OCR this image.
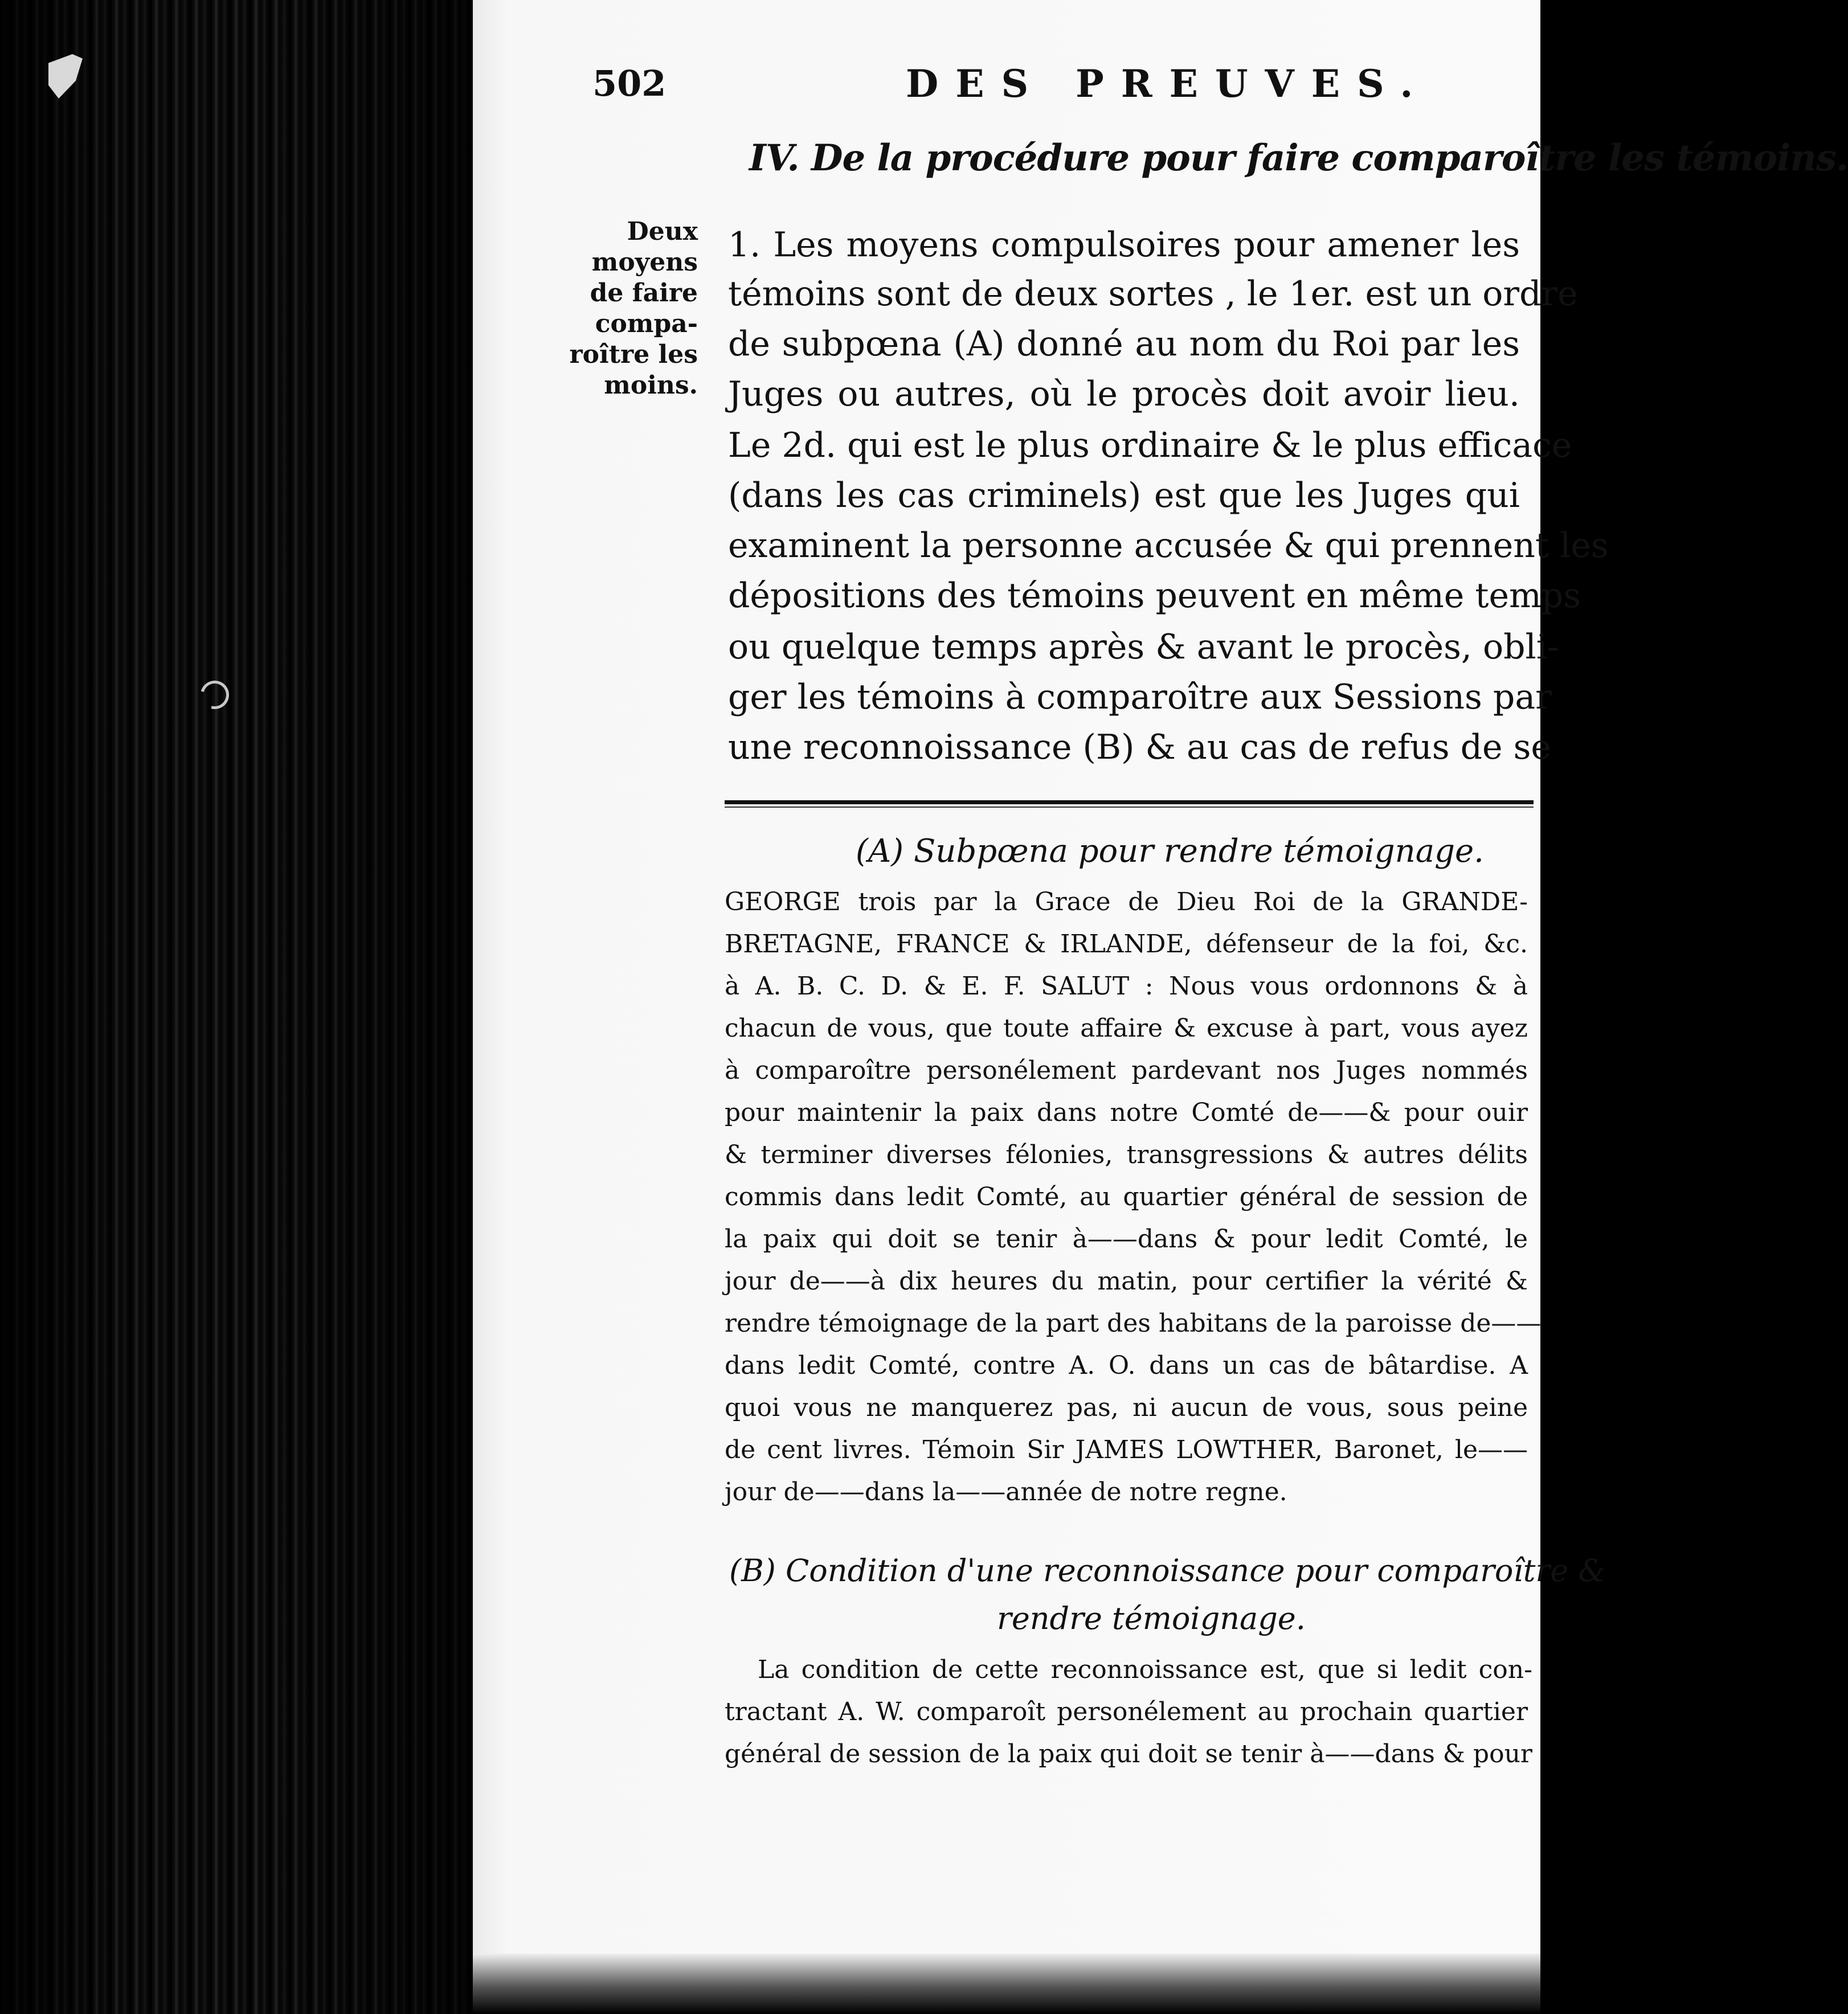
502	DES PREUVES.
IV. De la procédure pour faire comparoître les témoins.
Deux
moyens
de faire
compa-
roître les
moins.
1. Les moyens compulsoires pour amener les
témoins sont de deux sortes , le 1er. est un ordre
de subpœna (A) donné au nom du Roi par les
Juges ou autres, où le procès doit avoir lieu.
Le 2d. qui est le plus ordinaire & le plus efficace
(dans les cas criminels) est que les Juges qui
examinent la personne accusée & qui prennent les
dépositions des témoins peuvent en même temps
ou quelque temps après & avant le procès, obli-
ger les témoins à comparoître aux Sessions par
une reconnoissance (B) & au cas de refus de se
(A) Subpœna pour rendre témoignage.
GEORGE trois par la Grace de Dieu Roi de la GRANDE-
BRETAGNE, FRANCE & IRLANDE, défenseur de la foi, &c.
à A. B. C. D. & E. F. SALUT : Nous vous ordonnons & à
chacun de vous, que toute affaire & excuse à part, vous ayez
à comparoître personélement pardevant nos Juges nommés
pour maintenir la paix dans notre Comté de——& pour ouir
& terminer diverses félonies, transgressions & autres délits
commis dans ledit Comté, au quartier général de session de
la paix qui doit se tenir à——dans & pour ledit Comté, le
jour de——à dix heures du matin, pour certifier la vérité &
rendre témoignage de la part des habitans de la paroisse de——
dans ledit Comté, contre A. O. dans un cas de bâtardise. A
quoi vous ne manquerez pas, ni aucun de vous, sous peine
de cent livres. Témoin Sir JAMES LOWTHER, Baronet, le——
jour de——dans la——année de notre regne.
(B) Condition d'une reconnoissance pour comparoître &
rendre témoignage.
La condition de cette reconnoissance est, que si ledit con-
tractant A. W. comparoît personélement au prochain quartier
général de session de la paix qui doit se tenir à——dans & pour
